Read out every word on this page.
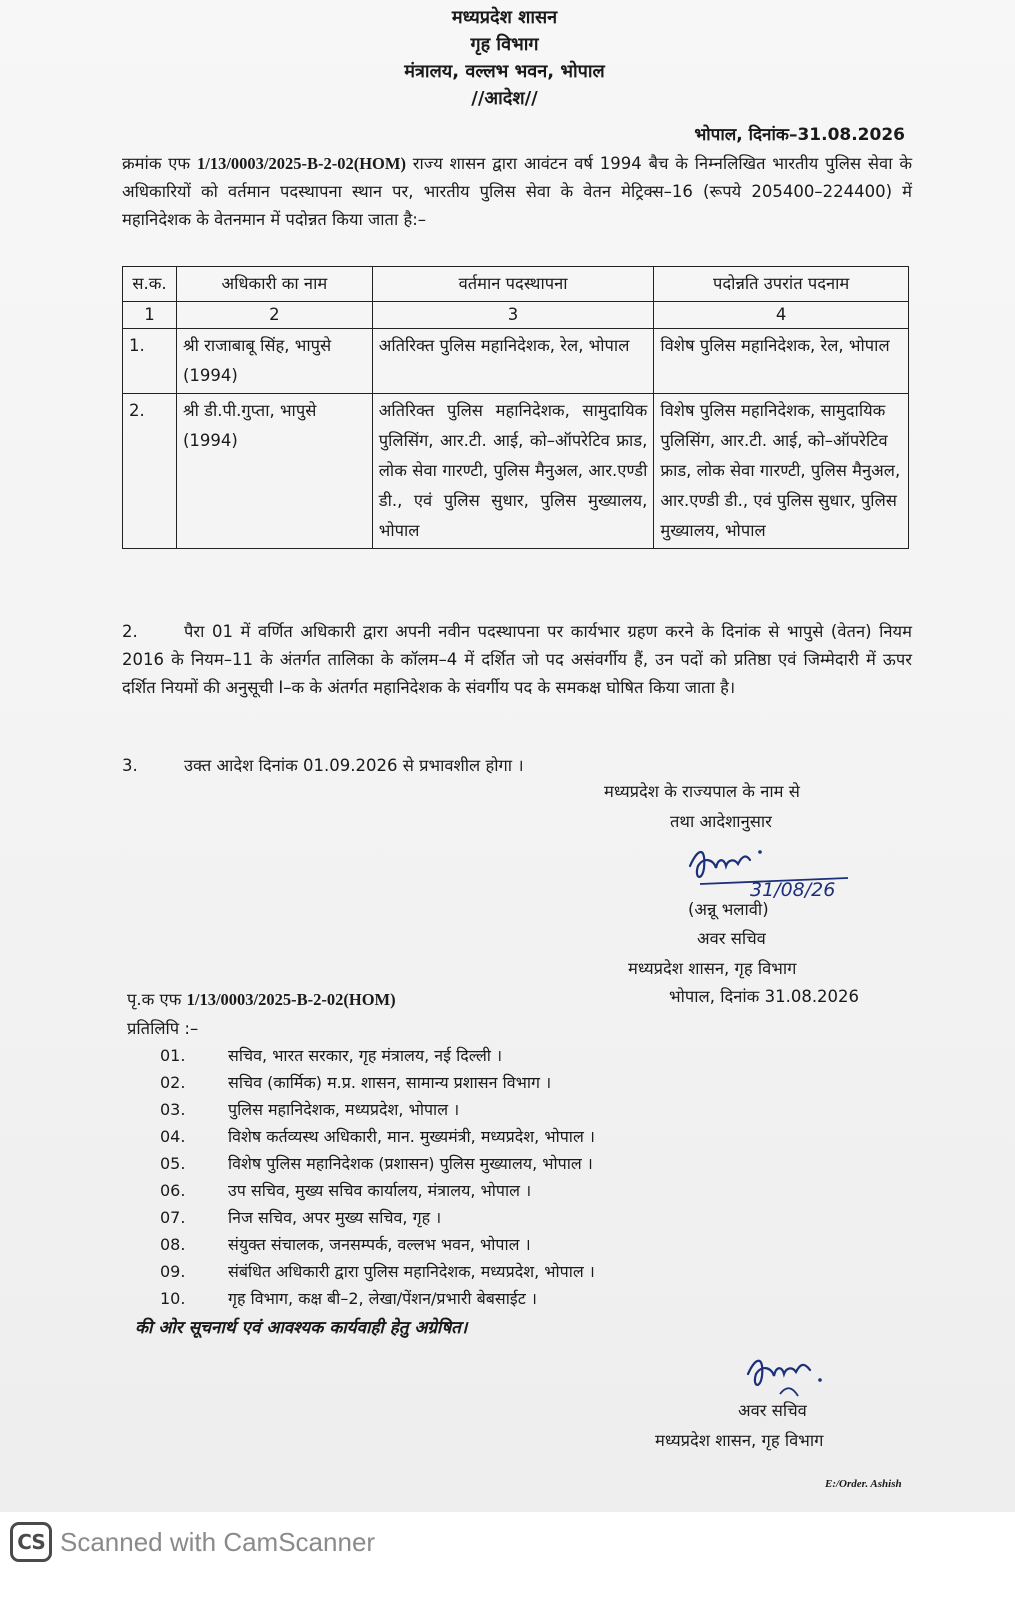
मध्यप्रदेश शासन
गृह विभाग
मंत्रालय, वल्लभ भवन, भोपाल
//आदेश//
भोपाल, दिनांक–31.08.2026
क्रमांक एफ 1/13/0003/2025-B-2-02(HOM) राज्य शासन द्वारा आवंटन वर्ष 1994 बैच के निम्नलिखित भारतीय पुलिस सेवा के अधिकारियों को वर्तमान पदस्थापना स्थान पर, भारतीय पुलिस सेवा के वेतन मेट्रिक्स–16 (रूपये 205400–224400) में महानिदेशक के वेतनमान में पदोन्नत किया जाता है:–
स.क.	अधिकारी का नाम	वर्तमान पदस्थापना	पदोन्नति उपरांत पदनाम
1	2	3	4
1.	श्री राजाबाबू सिंह, भापुसे (1994)	अतिरिक्त पुलिस महानिदेशक, रेल, भोपाल	विशेष पुलिस महानिदेशक, रेल, भोपाल
2.	श्री डी.पी.गुप्ता, भापुसे (1994)	अतिरिक्त पुलिस महानिदेशक, सामुदायिक पुलिसिंग, आर.टी. आई, को–ऑपरेटिव फ्राड, लोक सेवा गारण्टी, पुलिस मैनुअल, आर.एण्डी डी., एवं पुलिस सुधार, पुलिस मुख्यालय, भोपाल	विशेष पुलिस महानिदेशक, सामुदायिक पुलिसिंग, आर.टी. आई, को–ऑपरेटिव फ्राड, लोक सेवा गारण्टी, पुलिस मैनुअल, आर.एण्डी डी., एवं पुलिस सुधार, पुलिस मुख्यालय, भोपाल
2.	पैरा 01 में वर्णित अधिकारी द्वारा अपनी नवीन पदस्थापना पर कार्यभार ग्रहण करने के दिनांक से भापुसे (वेतन) नियम 2016 के नियम–11 के अंतर्गत तालिका के कॉलम–4 में दर्शित जो पद असंवर्गीय हैं, उन पदों को प्रतिष्ठा एवं जिम्मेदारी में ऊपर दर्शित नियमों की अनुसूची I–क के अंतर्गत महानिदेशक के संवर्गीय पद के समकक्ष घोषित किया जाता है।
3.	उक्त आदेश दिनांक 01.09.2026 से प्रभावशील होगा ।
मध्यप्रदेश के राज्यपाल के नाम से
तथा आदेशानुसार
31/08/26
(अन्नू भलावी)
अवर सचिव
मध्यप्रदेश शासन, गृह विभाग
पृ.क एफ 1/13/0003/2025-B-2-02(HOM)	भोपाल, दिनांक 31.08.2026
प्रतिलिपि :–
01.	सचिव, भारत सरकार, गृह मंत्रालय, नई दिल्ली ।
02.	सचिव (कार्मिक) म.प्र. शासन, सामान्य प्रशासन विभाग ।
03.	पुलिस महानिदेशक, मध्यप्रदेश, भोपाल ।
04.	विशेष कर्तव्यस्थ अधिकारी, मान. मुख्यमंत्री, मध्यप्रदेश, भोपाल ।
05.	विशेष पुलिस महानिदेशक (प्रशासन) पुलिस मुख्यालय, भोपाल ।
06.	उप सचिव, मुख्य सचिव कार्यालय, मंत्रालय, भोपाल ।
07.	निज सचिव, अपर मुख्य सचिव, गृह ।
08.	संयुक्त संचालक, जनसम्पर्क, वल्लभ भवन, भोपाल ।
09.	संबंधित अधिकारी द्वारा पुलिस महानिदेशक, मध्यप्रदेश, भोपाल ।
10.	गृह विभाग, कक्ष बी–2, लेखा/पेंशन/प्रभारी बेबसाईट ।
की ओर सूचनार्थ एवं आवश्यक कार्यवाही हेतु अग्रेषित।
अवर सचिव
मध्यप्रदेश शासन, गृह विभाग
E:/Order. Ashish
CS Scanned with CamScanner
